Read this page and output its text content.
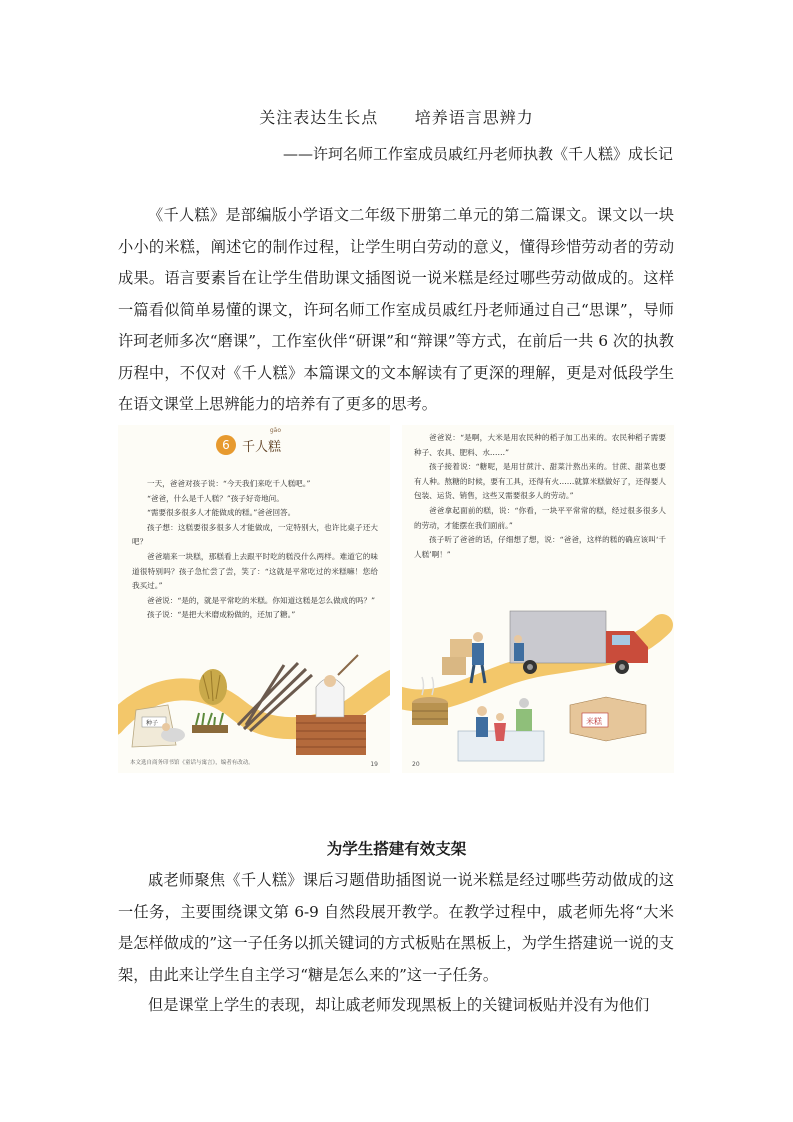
关注表达生长点      培养语言思辨力
——许珂名师工作室成员戚红丹老师执教《千人糕》成长记

《千人糕》是部编版小学语文二年级下册第二单元的第二篇课文。课文以一块小小的米糕，阐述它的制作过程，让学生明白劳动的意义，懂得珍惜劳动者的劳动成果。语言要素旨在让学生借助课文插图说一说米糕是经过哪些劳动做成的。这样一篇看似简单易懂的课文，许珂名师工作室成员戚红丹老师通过自己“思课”，导师许珂老师多次“磨课”，工作室伙伴“研课”和“辩课”等方式，在前后一共 6 次的执教历程中，不仅对《千人糕》本篇课文的文本解读有了更深的理解，更是对低段学生在语文课堂上思辨能力的培养有了更多的思考。

种子
6
gāo
千人糕

一天，爸爸对孩子说：“今天我们来吃千人糕吧。”

“爸爸，什么是千人糕？”孩子好奇地问。

“需要很多很多人才能做成的糕。”爸爸回答。

孩子想：这糕要很多很多人才能做成，一定特别大，也许比桌子还大吧？

爸爸端来一块糕，那糕看上去跟平时吃的糕没什么两样。难道它的味道很特别吗？孩子急忙尝了尝，笑了：“这就是平常吃过的米糕嘛！您给我买过。”

爸爸说：“是的，就是平常吃的米糕。你知道这糕是怎么做成的吗？”

孩子说：“是把大米磨成粉做的，还加了糖。”

本文选自商务印书馆《童话与寓言》，编者有改动。	19
米糕

爸爸说：“是啊，大米是用农民种的稻子加工出来的。农民种稻子需要种子、农具、肥料、水……”

孩子接着说：“糖呢，是用甘蔗汁、甜菜汁熬出来的。甘蔗、甜菜也要有人种。熬糖的时候，要有工具，还得有火……就算米糕做好了，还得要人包装、运货、销售，这些又需要很多人的劳动。”

爸爸拿起面前的糕，说：“你看，一块平平常常的糕，经过很多很多人的劳动，才能摆在我们面前。”

孩子听了爸爸的话，仔细想了想，说：“爸爸，这样的糕的确应该叫‘千人糕’啊！”

20
为学生搭建有效支架

戚老师聚焦《千人糕》课后习题借助插图说一说米糕是经过哪些劳动做成的这一任务，主要围绕课文第 6-9 自然段展开教学。在教学过程中，戚老师先将“大米是怎样做成的”这一子任务以抓关键词的方式板贴在黑板上，为学生搭建说一说的支架，由此来让学生自主学习“糖是怎么来的”这一子任务。

但是课堂上学生的表现，却让戚老师发现黑板上的关键词板贴并没有为他们
